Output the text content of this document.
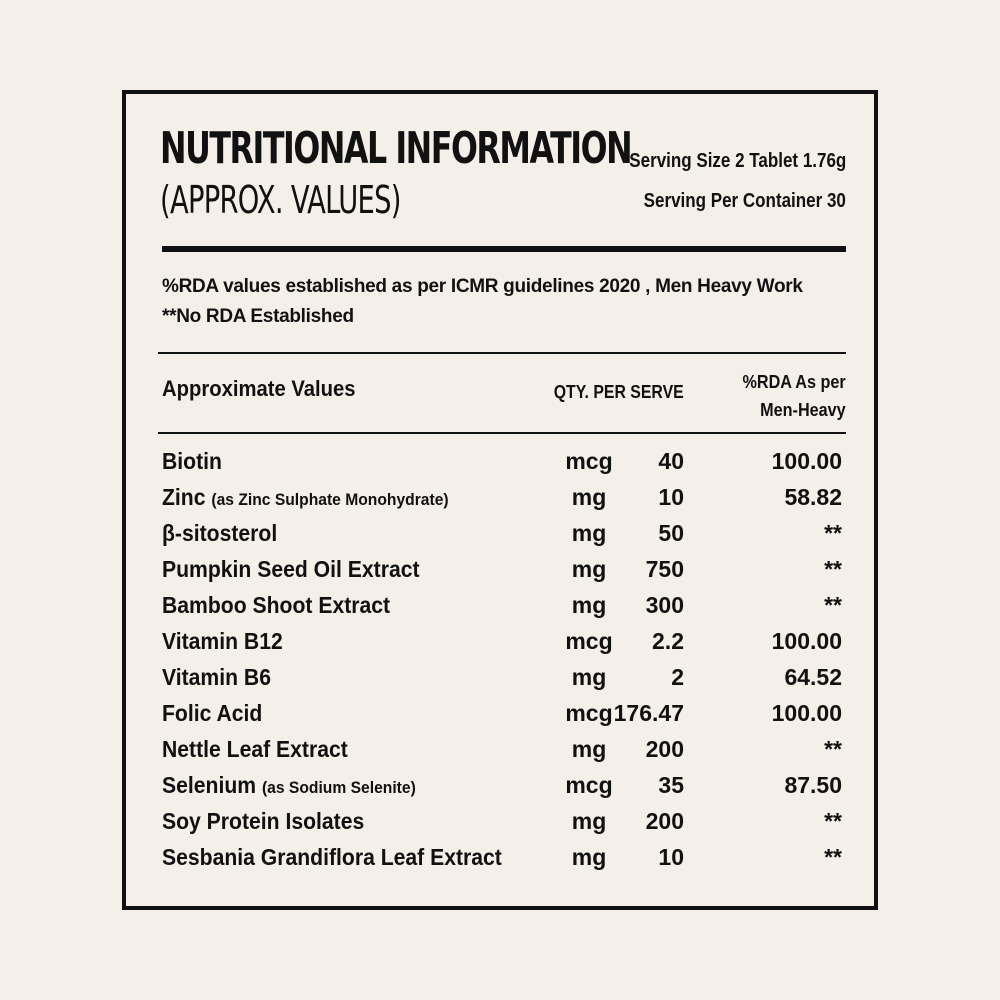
NUTRITIONAL INFORMATION
(APPROX. VALUES)
Serving Size 2 Tablet 1.76g
Serving Per Container 30
%RDA values established as per ICMR guidelines 2020 , Men Heavy Work **No RDA Established
Approximate Values	QTY. PER SERVE	%RDA As per
Men-Heavy
Biotin	mcg	40	100.00
Zinc (as Zinc Sulphate Monohydrate)	mg	10	58.82
β-sitosterol	mg	50	**
Pumpkin Seed Oil Extract	mg	750	**
Bamboo Shoot Extract	mg	300	**
Vitamin B12	mcg	2.2	100.00
Vitamin B6	mg	2	64.52
Folic Acid	mcg 176.47	100.00
Nettle Leaf Extract	mg	200	**
Selenium (as Sodium Selenite)	mcg	35	87.50
Soy Protein Isolates	mg	200	**
Sesbania Grandiflora Leaf Extract	mg	10	**
